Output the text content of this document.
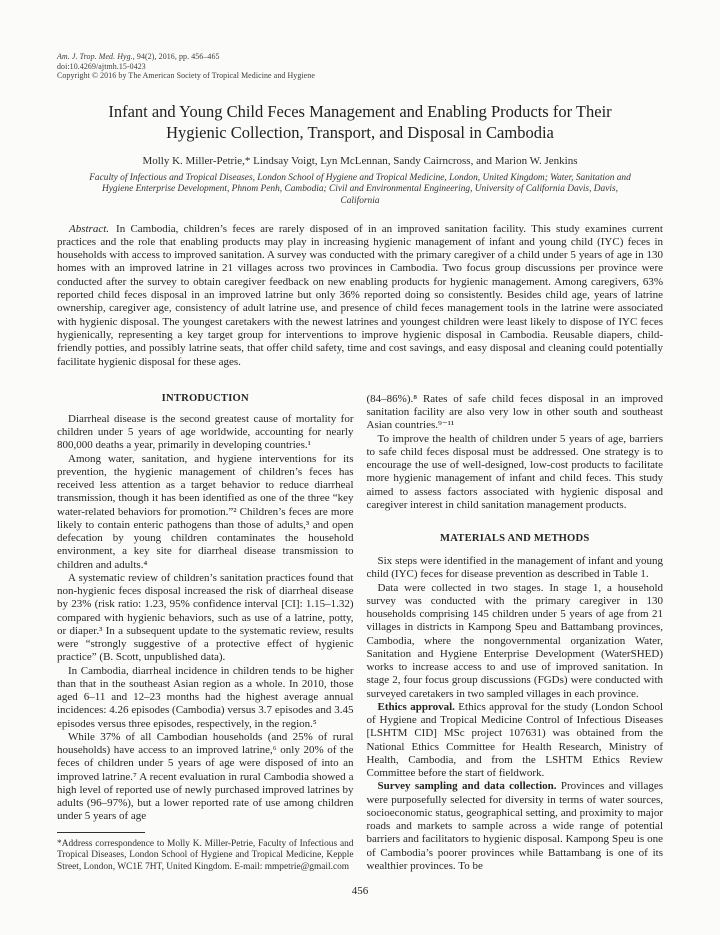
Am. J. Trop. Med. Hyg., 94(2), 2016, pp. 456–465
doi:10.4269/ajtmh.15-0423
Copyright © 2016 by The American Society of Tropical Medicine and Hygiene
Infant and Young Child Feces Management and Enabling Products for Their Hygienic Collection, Transport, and Disposal in Cambodia
Molly K. Miller-Petrie,* Lindsay Voigt, Lyn McLennan, Sandy Cairncross, and Marion W. Jenkins
Faculty of Infectious and Tropical Diseases, London School of Hygiene and Tropical Medicine, London, United Kingdom; Water, Sanitation and Hygiene Enterprise Development, Phnom Penh, Cambodia; Civil and Environmental Engineering, University of California Davis, Davis, California
Abstract. In Cambodia, children’s feces are rarely disposed of in an improved sanitation facility. This study examines current practices and the role that enabling products may play in increasing hygienic management of infant and young child (IYC) feces in households with access to improved sanitation. A survey was conducted with the primary caregiver of a child under 5 years of age in 130 homes with an improved latrine in 21 villages across two provinces in Cambodia. Two focus group discussions per province were conducted after the survey to obtain caregiver feedback on new enabling products for hygienic management. Among caregivers, 63% reported child feces disposal in an improved latrine but only 36% reported doing so consistently. Besides child age, years of latrine ownership, caregiver age, consistency of adult latrine use, and presence of child feces management tools in the latrine were associated with hygienic disposal. The youngest caretakers with the newest latrines and youngest children were least likely to dispose of IYC feces hygienically, representing a key target group for interventions to improve hygienic disposal in Cambodia. Reusable diapers, child-friendly potties, and possibly latrine seats, that offer child safety, time and cost savings, and easy disposal and cleaning could potentially facilitate hygienic disposal for these ages.
INTRODUCTION

Diarrheal disease is the second greatest cause of mortality for children under 5 years of age worldwide, accounting for nearly 800,000 deaths a year, primarily in developing countries.¹

Among water, sanitation, and hygiene interventions for its prevention, the hygienic management of children’s feces has received less attention as a target behavior to reduce diarrheal transmission, though it has been identified as one of the three “key water-related behaviors for promotion.”² Children’s feces are more likely to contain enteric pathogens than those of adults,³ and open defecation by young children contaminates the household environment, a key site for diarrheal disease transmission to children and adults.⁴

A systematic review of children’s sanitation practices found that non-hygienic feces disposal increased the risk of diarrheal disease by 23% (risk ratio: 1.23, 95% confidence interval [CI]: 1.15–1.32) compared with hygienic behaviors, such as use of a latrine, potty, or diaper.³ In a subsequent update to the systematic review, results were “strongly suggestive of a protective effect of hygienic practice” (B. Scott, unpublished data).

In Cambodia, diarrheal incidence in children tends to be higher than that in the southeast Asian region as a whole. In 2010, those aged 6–11 and 12–23 months had the highest average annual incidences: 4.26 episodes (Cambodia) versus 3.7 episodes and 3.45 episodes versus three episodes, respectively, in the region.⁵

While 37% of all Cambodian households (and 25% of rural households) have access to an improved latrine,⁶ only 20% of the feces of children under 5 years of age were disposed of into an improved latrine.⁷ A recent evaluation in rural Cambodia showed a high level of reported use of newly purchased improved latrines by adults (96–97%), but a lower reported rate of use among children under 5 years of age

*Address correspondence to Molly K. Miller-Petrie, Faculty of Infectious and Tropical Diseases, London School of Hygiene and Tropical Medicine, Kepple Street, London, WC1E 7HT, United Kingdom. E-mail: mmpetrie@gmail.com

(84–86%).⁸ Rates of safe child feces disposal in an improved sanitation facility are also very low in other south and southeast Asian countries.⁹⁻¹¹

To improve the health of children under 5 years of age, barriers to safe child feces disposal must be addressed. One strategy is to encourage the use of well-designed, low-cost products to facilitate more hygienic management of infant and child feces. This study aimed to assess factors associated with hygienic disposal and caregiver interest in child sanitation management products.

MATERIALS AND METHODS

Six steps were identified in the management of infant and young child (IYC) feces for disease prevention as described in Table 1.

Data were collected in two stages. In stage 1, a household survey was conducted with the primary caregiver in 130 households comprising 145 children under 5 years of age from 21 villages in districts in Kampong Speu and Battambang provinces, Cambodia, where the nongovernmental organization Water, Sanitation and Hygiene Enterprise Development (WaterSHED) works to increase access to and use of improved sanitation. In stage 2, four focus group discussions (FGDs) were conducted with surveyed caretakers in two sampled villages in each province.

Ethics approval. Ethics approval for the study (London School of Hygiene and Tropical Medicine Control of Infectious Diseases [LSHTM CID] MSc project 107631) was obtained from the National Ethics Committee for Health Research, Ministry of Health, Cambodia, and from the LSHTM Ethics Review Committee before the start of fieldwork.

Survey sampling and data collection. Provinces and villages were purposefully selected for diversity in terms of water sources, socioeconomic status, geographical setting, and proximity to major roads and markets to sample across a wide range of potential barriers and facilitators to hygienic disposal. Kampong Speu is one of Cambodia’s poorer provinces while Battambang is one of its wealthier provinces. To be

456
